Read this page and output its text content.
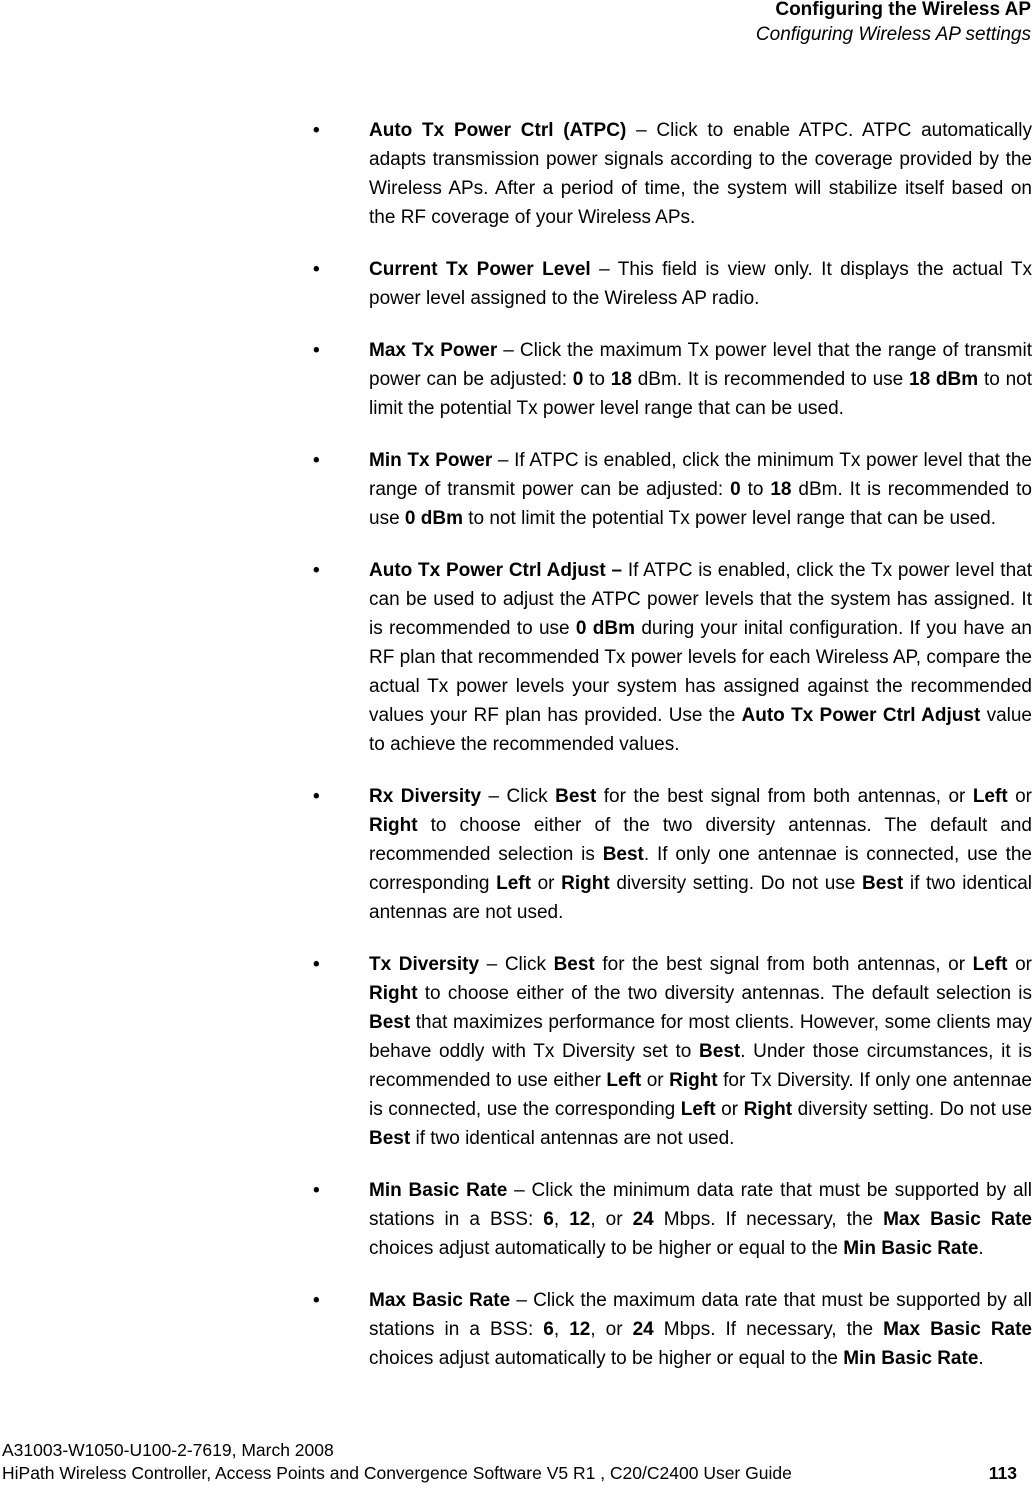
Configuring the Wireless AP
Configuring Wireless AP settings
•	Auto Tx Power Ctrl (ATPC) – Click to enable ATPC. ATPC automatically adapts transmission power signals according to the coverage provided by the Wireless APs. After a period of time, the system will stabilize itself based on the RF coverage of your Wireless APs.
•	Current Tx Power Level – This field is view only. It displays the actual Tx power level assigned to the Wireless AP radio.
•	Max Tx Power – Click the maximum Tx power level that the range of transmit power can be adjusted: 0 to 18 dBm. It is recommended to use 18 dBm to not limit the potential Tx power level range that can be used.
•	Min Tx Power – If ATPC is enabled, click the minimum Tx power level that the range of transmit power can be adjusted: 0 to 18 dBm. It is recommended to use 0 dBm to not limit the potential Tx power level range that can be used.
•	Auto Tx Power Ctrl Adjust – If ATPC is enabled, click the Tx power level that can be used to adjust the ATPC power levels that the system has assigned. It is recommended to use 0 dBm during your inital configuration. If you have an RF plan that recommended Tx power levels for each Wireless AP, compare the actual Tx power levels your system has assigned against the recommended values your RF plan has provided. Use the Auto Tx Power Ctrl Adjust value to achieve the recommended values.
•	Rx Diversity – Click Best for the best signal from both antennas, or Left or Right to choose either of the two diversity antennas. The default and recommended selection is Best. If only one antennae is connected, use the corresponding Left or Right diversity setting. Do not use Best if two identical antennas are not used.
•	Tx Diversity – Click Best for the best signal from both antennas, or Left or Right to choose either of the two diversity antennas. The default selection is Best that maximizes performance for most clients. However, some clients may behave oddly with Tx Diversity set to Best. Under those circumstances, it is recommended to use either Left or Right for Tx Diversity. If only one antennae is connected, use the corresponding Left or Right diversity setting. Do not use Best if two identical antennas are not used.
•	Min Basic Rate – Click the minimum data rate that must be supported by all stations in a BSS: 6, 12, or 24 Mbps. If necessary, the Max Basic Rate choices adjust automatically to be higher or equal to the Min Basic Rate.
•	Max Basic Rate – Click the maximum data rate that must be supported by all stations in a BSS: 6, 12, or 24 Mbps. If necessary, the Max Basic Rate choices adjust automatically to be higher or equal to the Min Basic Rate.
A31003-W1050-U100-2-7619, March 2008
HiPath Wireless Controller, Access Points and Convergence Software V5 R1 , C20/C2400 User Guide	113
